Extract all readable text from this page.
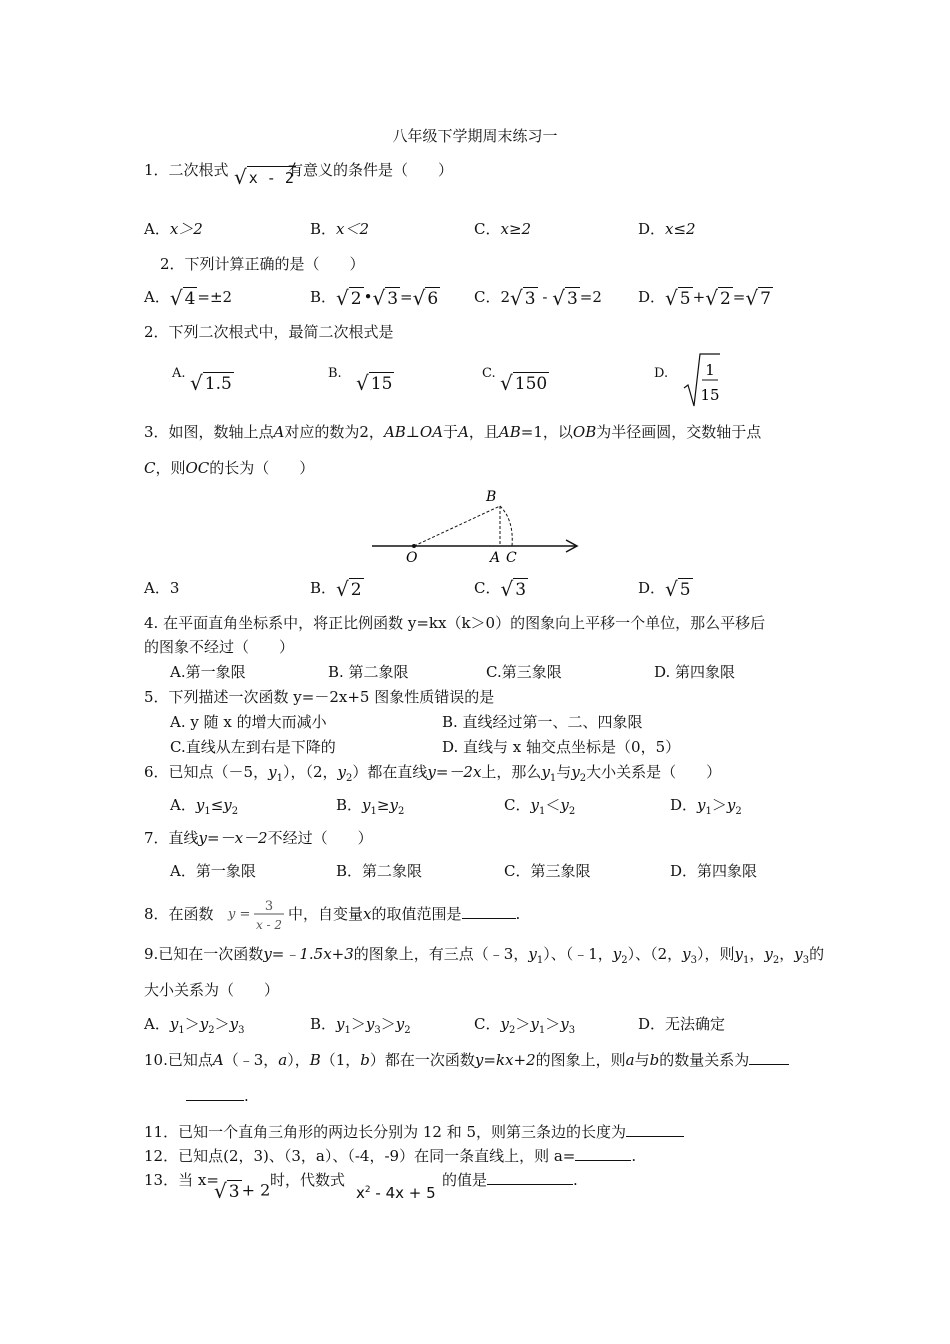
八年级下学期周末练习一
1．二次根式 √ x - 2
有意义的条件是（　　）
A．x＞2	B．x＜2	C．x≥2	D．x≤2
2．下列计算正确的是（　　）
A． √ 4 =±2	B． √ 2 • √ 3 = √ 6 C．2 √ 3 - √ 3 =2 D． √ 5 + √ 2 = √ 7
2．下列二次根式中，最简二次根式是
A. √ 1.5
B. √ 15
C. √ 150
D. 1
15
3．如图，数轴上点A对应的数为2，AB⊥OA于A，且AB=1，以OB为半径画圆，交数轴于点
C，则OC的长为（　　）
O	A C
B
A．3	B． √ 2	C． √ 3	D． √ 5
4. 在平面直角坐标系中，将正比例函数 y=kx（k＞0）的图象向上平移一个单位，那么平移后
的图象不经过（　　）
A.第一象限	B. 第二象限	C.第三象限	D. 第四象限
5．下列描述一次函数 y=－2x+5 图象性质错误的是
A. y 随 x 的增大而减小	B. 直线经过第一、二、四象限
C.直线从左到右是下降的	D. 直线与 x 轴交点坐标是（0，5）
6．已知点（－5，$y_1$），（2，$y_2$）都在直线y=－2x上，那么$y_1$与$y_2$大小关系是（　　）
A．$y_1\le y_2$	B．$y_1\ge y_2$	C．$y_1<y_2$	D．$y_1>y_2$
7．直线y=－x－2不经过（　　）
A．第一象限	B．第二象限	C．第三象限	D．第四象限
8．在函数 y =
3
x - 2
中，自变量x的取值范围是	.
9.已知在一次函数y=﹣1.5x+3的图象上，有三点（﹣3，$y_1$）、（﹣1，$y_2$）、（2，$y_3$），则$y_1$，$y_2$，$y_3$的
大小关系为（　　）
A．$y_1>y_2>y_3$	B．$y_1>y_3>y_2$	C．$y_2>y_1>y_3$	D．无法确定
10.已知点A（﹣3，a），B（1，b）都在一次函数y=kx+2的图象上，则a与b的数量关系为
.
11．已知一个直角三角形的两边长分别为 12 和 5，则第三条边的长度为
12．已知点(2，3)、（3，a）、（-4，-9）在同一条直线上，则 a=	.
13．当 x=
√ 3 + 2
时，代数式
$x^2 - 4x + 5$
的值是	.
